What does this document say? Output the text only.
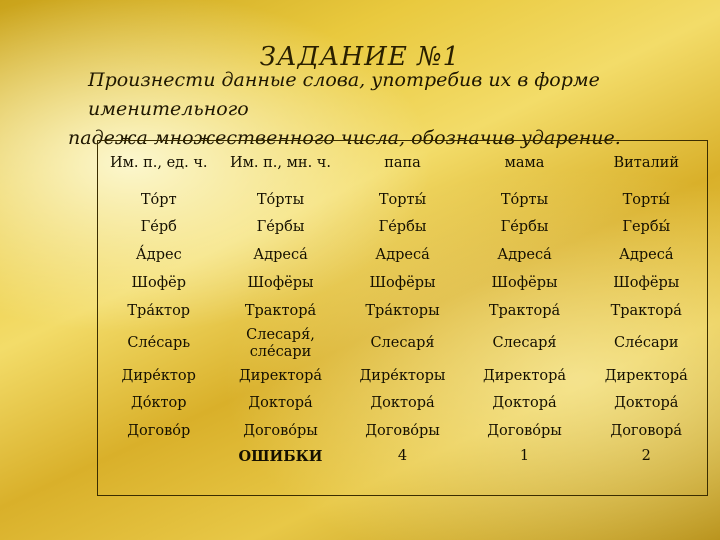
ЗАДАНИЕ №1
Произнести данные слова, употребив их в форме именительного
падежа множественного числа, обозначив ударение.
Им. п., ед. ч.	Им. п., мн. ч.	папа	мама	Виталий
То́рт	То́рты	Торты́	То́рты	Торты́
Ге́рб	Ге́рбы	Ге́рбы	Ге́рбы	Гербы́
А́дрес	Адреса́	Адреса́	Адреса́	Адреса́
Шофёр	Шофёры	Шофёры	Шофёры	Шофёры
Тра́ктор	Трактора́	Тра́кторы	Трактора́	Трактора́
Сле́сарь	Слесаря́, сле́сари	Слесаря́	Слесаря́	Сле́сари
Дире́ктор	Директора́	Дире́кторы	Директора́	Директора́
До́ктор	Доктора́	Доктора́	Доктора́	Доктора́
Догово́р	Догово́ры	Догово́ры	Догово́ры	Договора́
	ОШИБКИ	4	1	2
